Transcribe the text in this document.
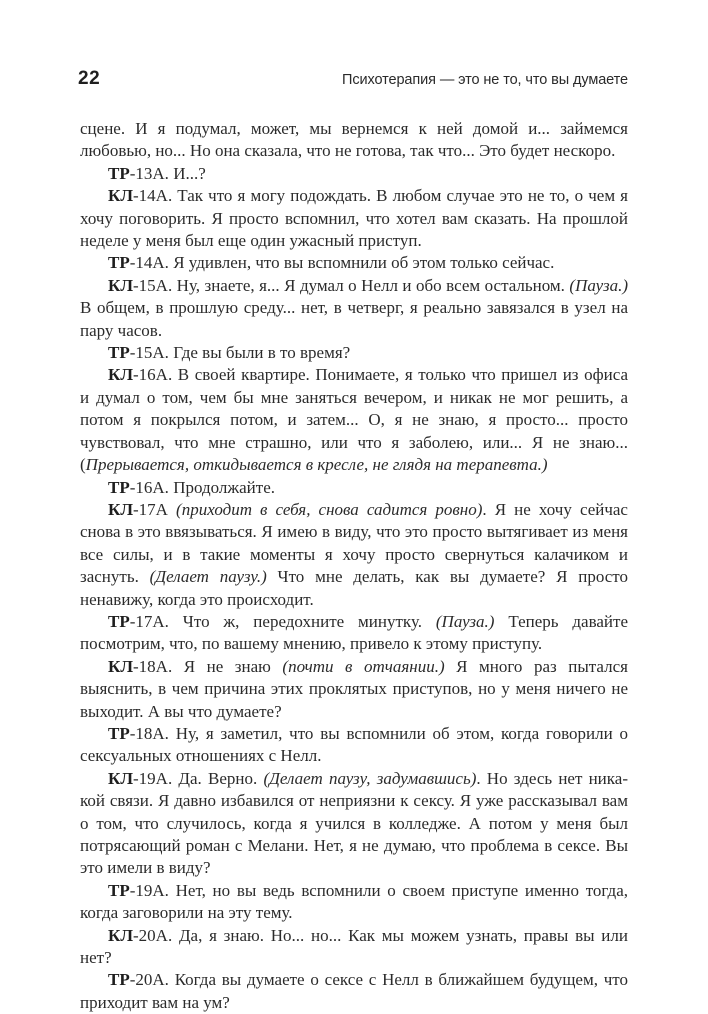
22	Психотерапия — это не то, что вы думаете

сцене. И я подумал, может, мы вернемся к ней домой и... займемся любовью, но... Но она сказала, что не готова, так что... Это будет нескоро.

ТР-13А. И...?

КЛ-14А. Так что я могу подождать. В любом случае это не то, о чем я хочу поговорить. Я просто вспомнил, что хотел вам сказать. На прошлой неделе у меня был еще один ужасный приступ.

ТР-14А. Я удивлен, что вы вспомнили об этом только сейчас.

КЛ-15А. Ну, знаете, я... Я думал о Нелл и обо всем остальном. (Пауза.) В общем, в прошлую среду... нет, в четверг, я реально завязался в узел на пару часов.

ТР-15А. Где вы были в то время?

КЛ-16А. В своей квартире. Понимаете, я только что пришел из офиса и думал о том, чем бы мне заняться вечером, и никак не мог решить, а потом я покрылся потом, и затем... О, я не знаю, я просто... просто чувствовал, что мне страшно, или что я заболею, или... Я не знаю... (Прерывается, откидывается в кресле, не глядя на терапевта.)

ТР-16А. Продолжайте.

КЛ-17А (приходит в себя, снова садится ровно). Я не хочу сейчас снова в это ввязываться. Я имею в виду, что это просто вытягивает из меня все силы, и в такие моменты я хочу просто свернуться калачиком и заснуть. (Делает паузу.) Что мне делать, как вы думаете? Я просто ненавижу, когда это происходит.

ТР-17А. Что ж, передохните минутку. (Пауза.) Теперь давайте посмотрим, что, по вашему мнению, привело к этому приступу.

КЛ-18А. Я не знаю (почти в отчаянии.) Я много раз пытался выяснить, в чем причина этих проклятых приступов, но у меня ничего не выходит. А вы что думаете?

ТР-18А. Ну, я заметил, что вы вспомнили об этом, когда говорили о сексуальных отношениях с Нелл.

КЛ-19А. Да. Верно. (Делает паузу, задумавшись). Но здесь нет никакой связи. Я давно избавился от неприязни к сексу. Я уже рассказывал вам о том, что случилось, когда я учился в колледже. А потом у меня был потрясающий роман с Мелани. Нет, я не думаю, что проблема в сексе. Вы это имели в виду?

ТР-19А. Нет, но вы ведь вспомнили о своем приступе именно тогда, когда заговорили на эту тему.

КЛ-20А. Да, я знаю. Но... но... Как мы можем узнать, правы вы или нет?

ТР-20А. Когда вы думаете о сексе с Нелл в ближайшем будущем, что приходит вам на ум?
